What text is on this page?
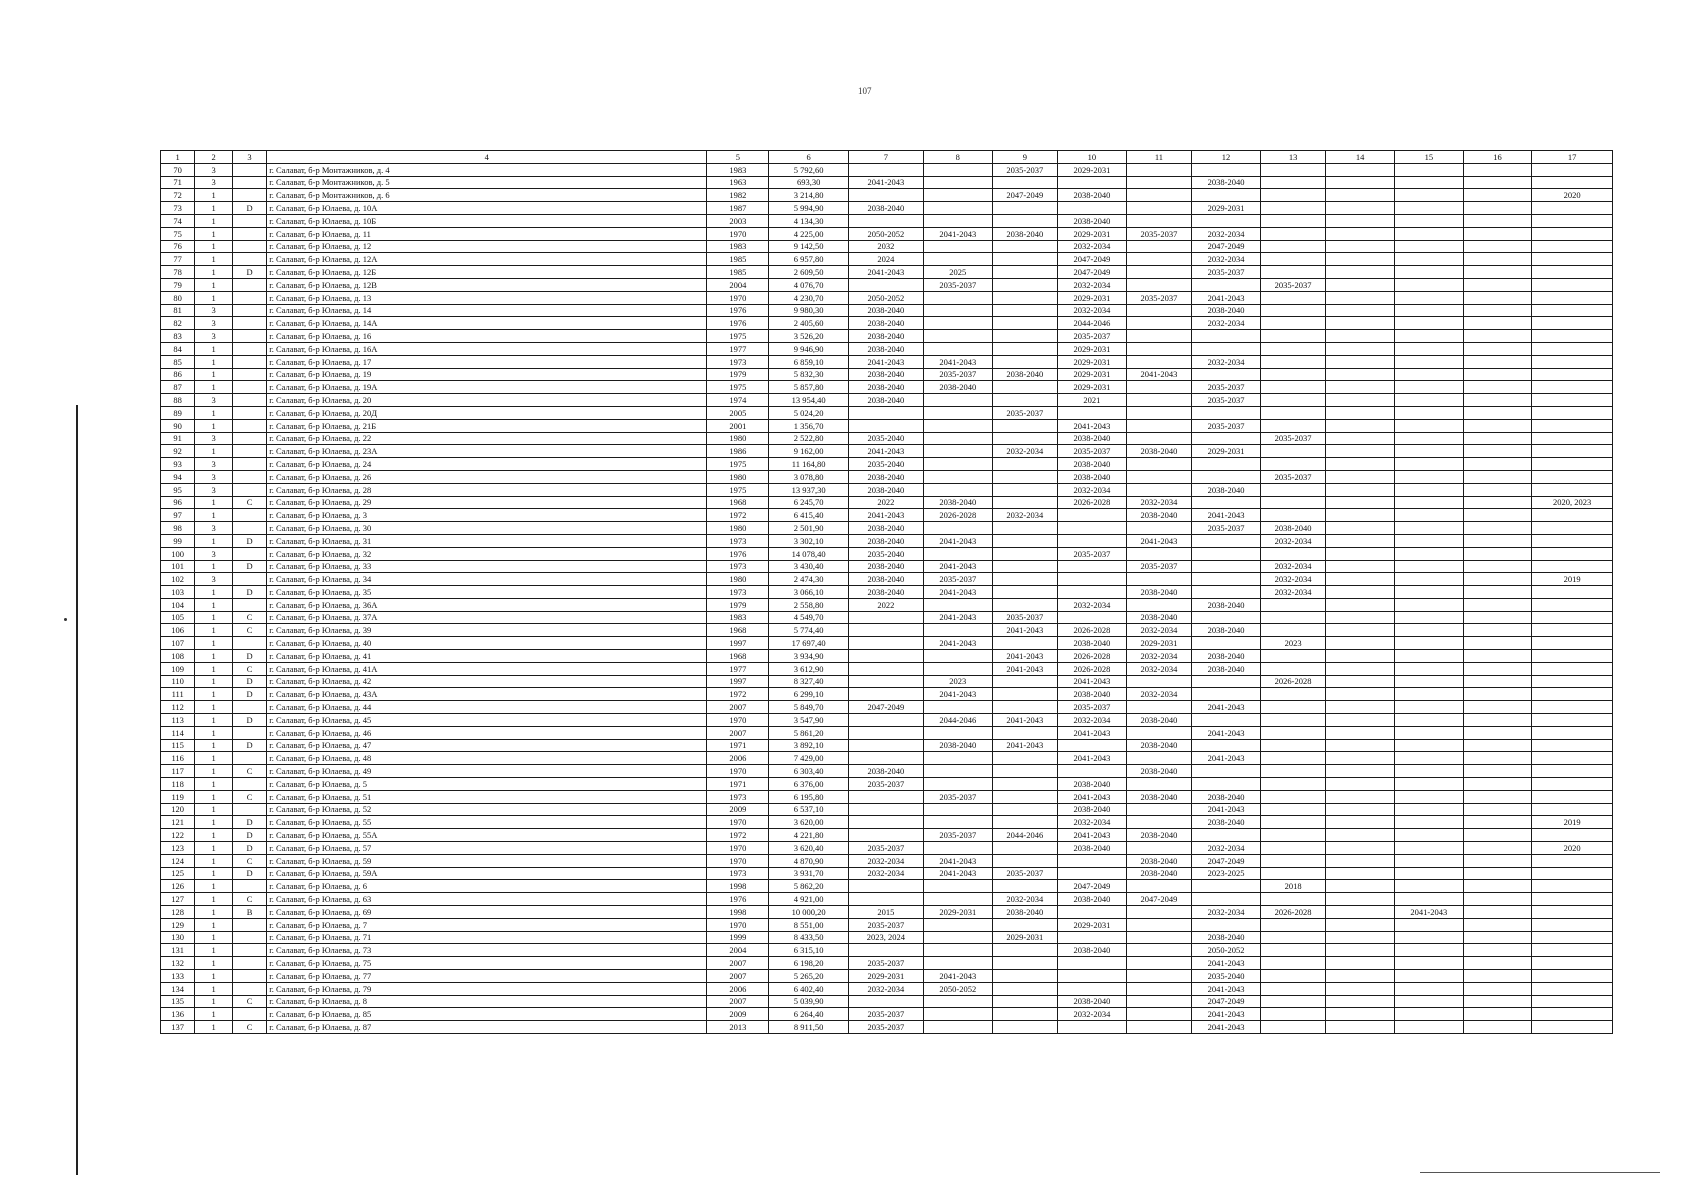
107
1	2	3	4	5	6	7	8	9	10	11	12	13	14	15	16	17
70	3		г. Салават, б-р Монтажников, д. 4	1983	5 792,60			2035-2037	2029-2031							
71	3		г. Салават, б-р Монтажников, д. 5	1963	693,30	2041-2043					2038-2040					
72	1		г. Салават, б-р Монтажников, д. 6	1982	3 214,80			2047-2049	2038-2040							2020
73	1	D	г. Салават, б-р Юлаева, д. 10А	1987	5 994,90	2038-2040					2029-2031					
74	1		г. Салават, б-р Юлаева, д. 10Б	2003	4 134,30				2038-2040							
75	1		г. Салават, б-р Юлаева, д. 11	1970	4 225,00	2050-2052	2041-2043	2038-2040	2029-2031	2035-2037	2032-2034					
76	1		г. Салават, б-р Юлаева, д. 12	1983	9 142,50	2032			2032-2034		2047-2049					
77	1		г. Салават, б-р Юлаева, д. 12А	1985	6 957,80	2024			2047-2049		2032-2034					
78	1	D	г. Салават, б-р Юлаева, д. 12Б	1985	2 609,50	2041-2043	2025		2047-2049		2035-2037					
79	1		г. Салават, б-р Юлаева, д. 12В	2004	4 076,70		2035-2037		2032-2034			2035-2037				
80	1		г. Салават, б-р Юлаева, д. 13	1970	4 230,70	2050-2052			2029-2031	2035-2037	2041-2043					
81	3		г. Салават, б-р Юлаева, д. 14	1976	9 980,30	2038-2040			2032-2034		2038-2040					
82	3		г. Салават, б-р Юлаева, д. 14А	1976	2 405,60	2038-2040			2044-2046		2032-2034					
83	3		г. Салават, б-р Юлаева, д. 16	1975	3 526,20	2038-2040			2035-2037							
84	1		г. Салават, б-р Юлаева, д. 16А	1977	9 946,90	2038-2040			2029-2031							
85	1		г. Салават, б-р Юлаева, д. 17	1973	6 859,10	2041-2043	2041-2043		2029-2031		2032-2034					
86	1		г. Салават, б-р Юлаева, д. 19	1979	5 832,30	2038-2040	2035-2037	2038-2040	2029-2031	2041-2043						
87	1		г. Салават, б-р Юлаева, д. 19А	1975	5 857,80	2038-2040	2038-2040		2029-2031		2035-2037					
88	3		г. Салават, б-р Юлаева, д. 20	1974	13 954,40	2038-2040			2021		2035-2037					
89	1		г. Салават, б-р Юлаева, д. 20Д	2005	5 024,20			2035-2037								
90	1		г. Салават, б-р Юлаева, д. 21Б	2001	1 356,70				2041-2043		2035-2037					
91	3		г. Салават, б-р Юлаева, д. 22	1980	2 522,80	2035-2040			2038-2040			2035-2037				
92	1		г. Салават, б-р Юлаева, д. 23А	1986	9 162,00	2041-2043		2032-2034	2035-2037	2038-2040	2029-2031					
93	3		г. Салават, б-р Юлаева, д. 24	1975	11 164,80	2035-2040			2038-2040							
94	3		г. Салават, б-р Юлаева, д. 26	1980	3 078,80	2038-2040			2038-2040			2035-2037				
95	3		г. Салават, б-р Юлаева, д. 28	1975	13 937,30	2038-2040			2032-2034		2038-2040					
96	1	C	г. Салават, б-р Юлаева, д. 29	1968	6 245,70	2022	2038-2040		2026-2028	2032-2034						2020, 2023
97	1		г. Салават, б-р Юлаева, д. 3	1972	6 415,40	2041-2043	2026-2028	2032-2034		2038-2040	2041-2043					
98	3		г. Салават, б-р Юлаева, д. 30	1980	2 501,90	2038-2040					2035-2037	2038-2040				
99	1	D	г. Салават, б-р Юлаева, д. 31	1973	3 302,10	2038-2040	2041-2043			2041-2043		2032-2034				
100	3		г. Салават, б-р Юлаева, д. 32	1976	14 078,40	2035-2040			2035-2037							
101	1	D	г. Салават, б-р Юлаева, д. 33	1973	3 430,40	2038-2040	2041-2043			2035-2037		2032-2034				
102	3		г. Салават, б-р Юлаева, д. 34	1980	2 474,30	2038-2040	2035-2037					2032-2034				2019
103	1	D	г. Салават, б-р Юлаева, д. 35	1973	3 066,10	2038-2040	2041-2043			2038-2040		2032-2034				
104	1		г. Салават, б-р Юлаева, д. 36А	1979	2 558,80	2022			2032-2034		2038-2040					
105	1	C	г. Салават, б-р Юлаева, д. 37А	1983	4 549,70		2041-2043	2035-2037		2038-2040						
106	1	C	г. Салават, б-р Юлаева, д. 39	1968	5 774,40			2041-2043	2026-2028	2032-2034	2038-2040					
107	1		г. Салават, б-р Юлаева, д. 40	1997	17 697,40		2041-2043		2038-2040	2029-2031		2023				
108	1	D	г. Салават, б-р Юлаева, д. 41	1968	3 934,90			2041-2043	2026-2028	2032-2034	2038-2040					
109	1	C	г. Салават, б-р Юлаева, д. 41А	1977	3 612,90			2041-2043	2026-2028	2032-2034	2038-2040					
110	1	D	г. Салават, б-р Юлаева, д. 42	1997	8 327,40		2023		2041-2043			2026-2028				
111	1	D	г. Салават, б-р Юлаева, д. 43А	1972	6 299,10		2041-2043		2038-2040	2032-2034						
112	1		г. Салават, б-р Юлаева, д. 44	2007	5 849,70	2047-2049			2035-2037		2041-2043					
113	1	D	г. Салават, б-р Юлаева, д. 45	1970	3 547,90		2044-2046	2041-2043	2032-2034	2038-2040						
114	1		г. Салават, б-р Юлаева, д. 46	2007	5 861,20				2041-2043		2041-2043					
115	1	D	г. Салават, б-р Юлаева, д. 47	1971	3 892,10		2038-2040	2041-2043		2038-2040						
116	1		г. Салават, б-р Юлаева, д. 48	2006	7 429,00				2041-2043		2041-2043					
117	1	C	г. Салават, б-р Юлаева, д. 49	1970	6 303,40	2038-2040				2038-2040						
118	1		г. Салават, б-р Юлаева, д. 5	1971	6 376,00	2035-2037			2038-2040							
119	1	C	г. Салават, б-р Юлаева, д. 51	1973	6 195,80		2035-2037		2041-2043	2038-2040	2038-2040					
120	1		г. Салават, б-р Юлаева, д. 52	2009	6 537,10				2038-2040		2041-2043					
121	1	D	г. Салават, б-р Юлаева, д. 55	1970	3 620,00				2032-2034		2038-2040					2019
122	1	D	г. Салават, б-р Юлаева, д. 55А	1972	4 221,80		2035-2037	2044-2046	2041-2043	2038-2040						
123	1	D	г. Салават, б-р Юлаева, д. 57	1970	3 620,40	2035-2037			2038-2040		2032-2034					2020
124	1	C	г. Салават, б-р Юлаева, д. 59	1970	4 870,90	2032-2034	2041-2043			2038-2040	2047-2049					
125	1	D	г. Салават, б-р Юлаева, д. 59А	1973	3 931,70	2032-2034	2041-2043	2035-2037		2038-2040	2023-2025					
126	1		г. Салават, б-р Юлаева, д. 6	1998	5 862,20				2047-2049			2018				
127	1	C	г. Салават, б-р Юлаева, д. 63	1976	4 921,00			2032-2034	2038-2040	2047-2049						
128	1	B	г. Салават, б-р Юлаева, д. 69	1998	10 000,20	2015	2029-2031	2038-2040			2032-2034	2026-2028		2041-2043		
129	1		г. Салават, б-р Юлаева, д. 7	1970	8 551,00	2035-2037			2029-2031							
130	1		г. Салават, б-р Юлаева, д. 71	1999	8 433,50	2023, 2024		2029-2031			2038-2040					
131	1		г. Салават, б-р Юлаева, д. 73	2004	6 315,10				2038-2040		2050-2052					
132	1		г. Салават, б-р Юлаева, д. 75	2007	6 198,20	2035-2037					2041-2043					
133	1		г. Салават, б-р Юлаева, д. 77	2007	5 265,20	2029-2031	2041-2043				2035-2040					
134	1		г. Салават, б-р Юлаева, д. 79	2006	6 402,40	2032-2034	2050-2052				2041-2043					
135	1	C	г. Салават, б-р Юлаева, д. 8	2007	5 039,90				2038-2040		2047-2049					
136	1		г. Салават, б-р Юлаева, д. 85	2009	6 264,40	2035-2037			2032-2034		2041-2043					
137	1	C	г. Салават, б-р Юлаева, д. 87	2013	8 911,50	2035-2037					2041-2043					
